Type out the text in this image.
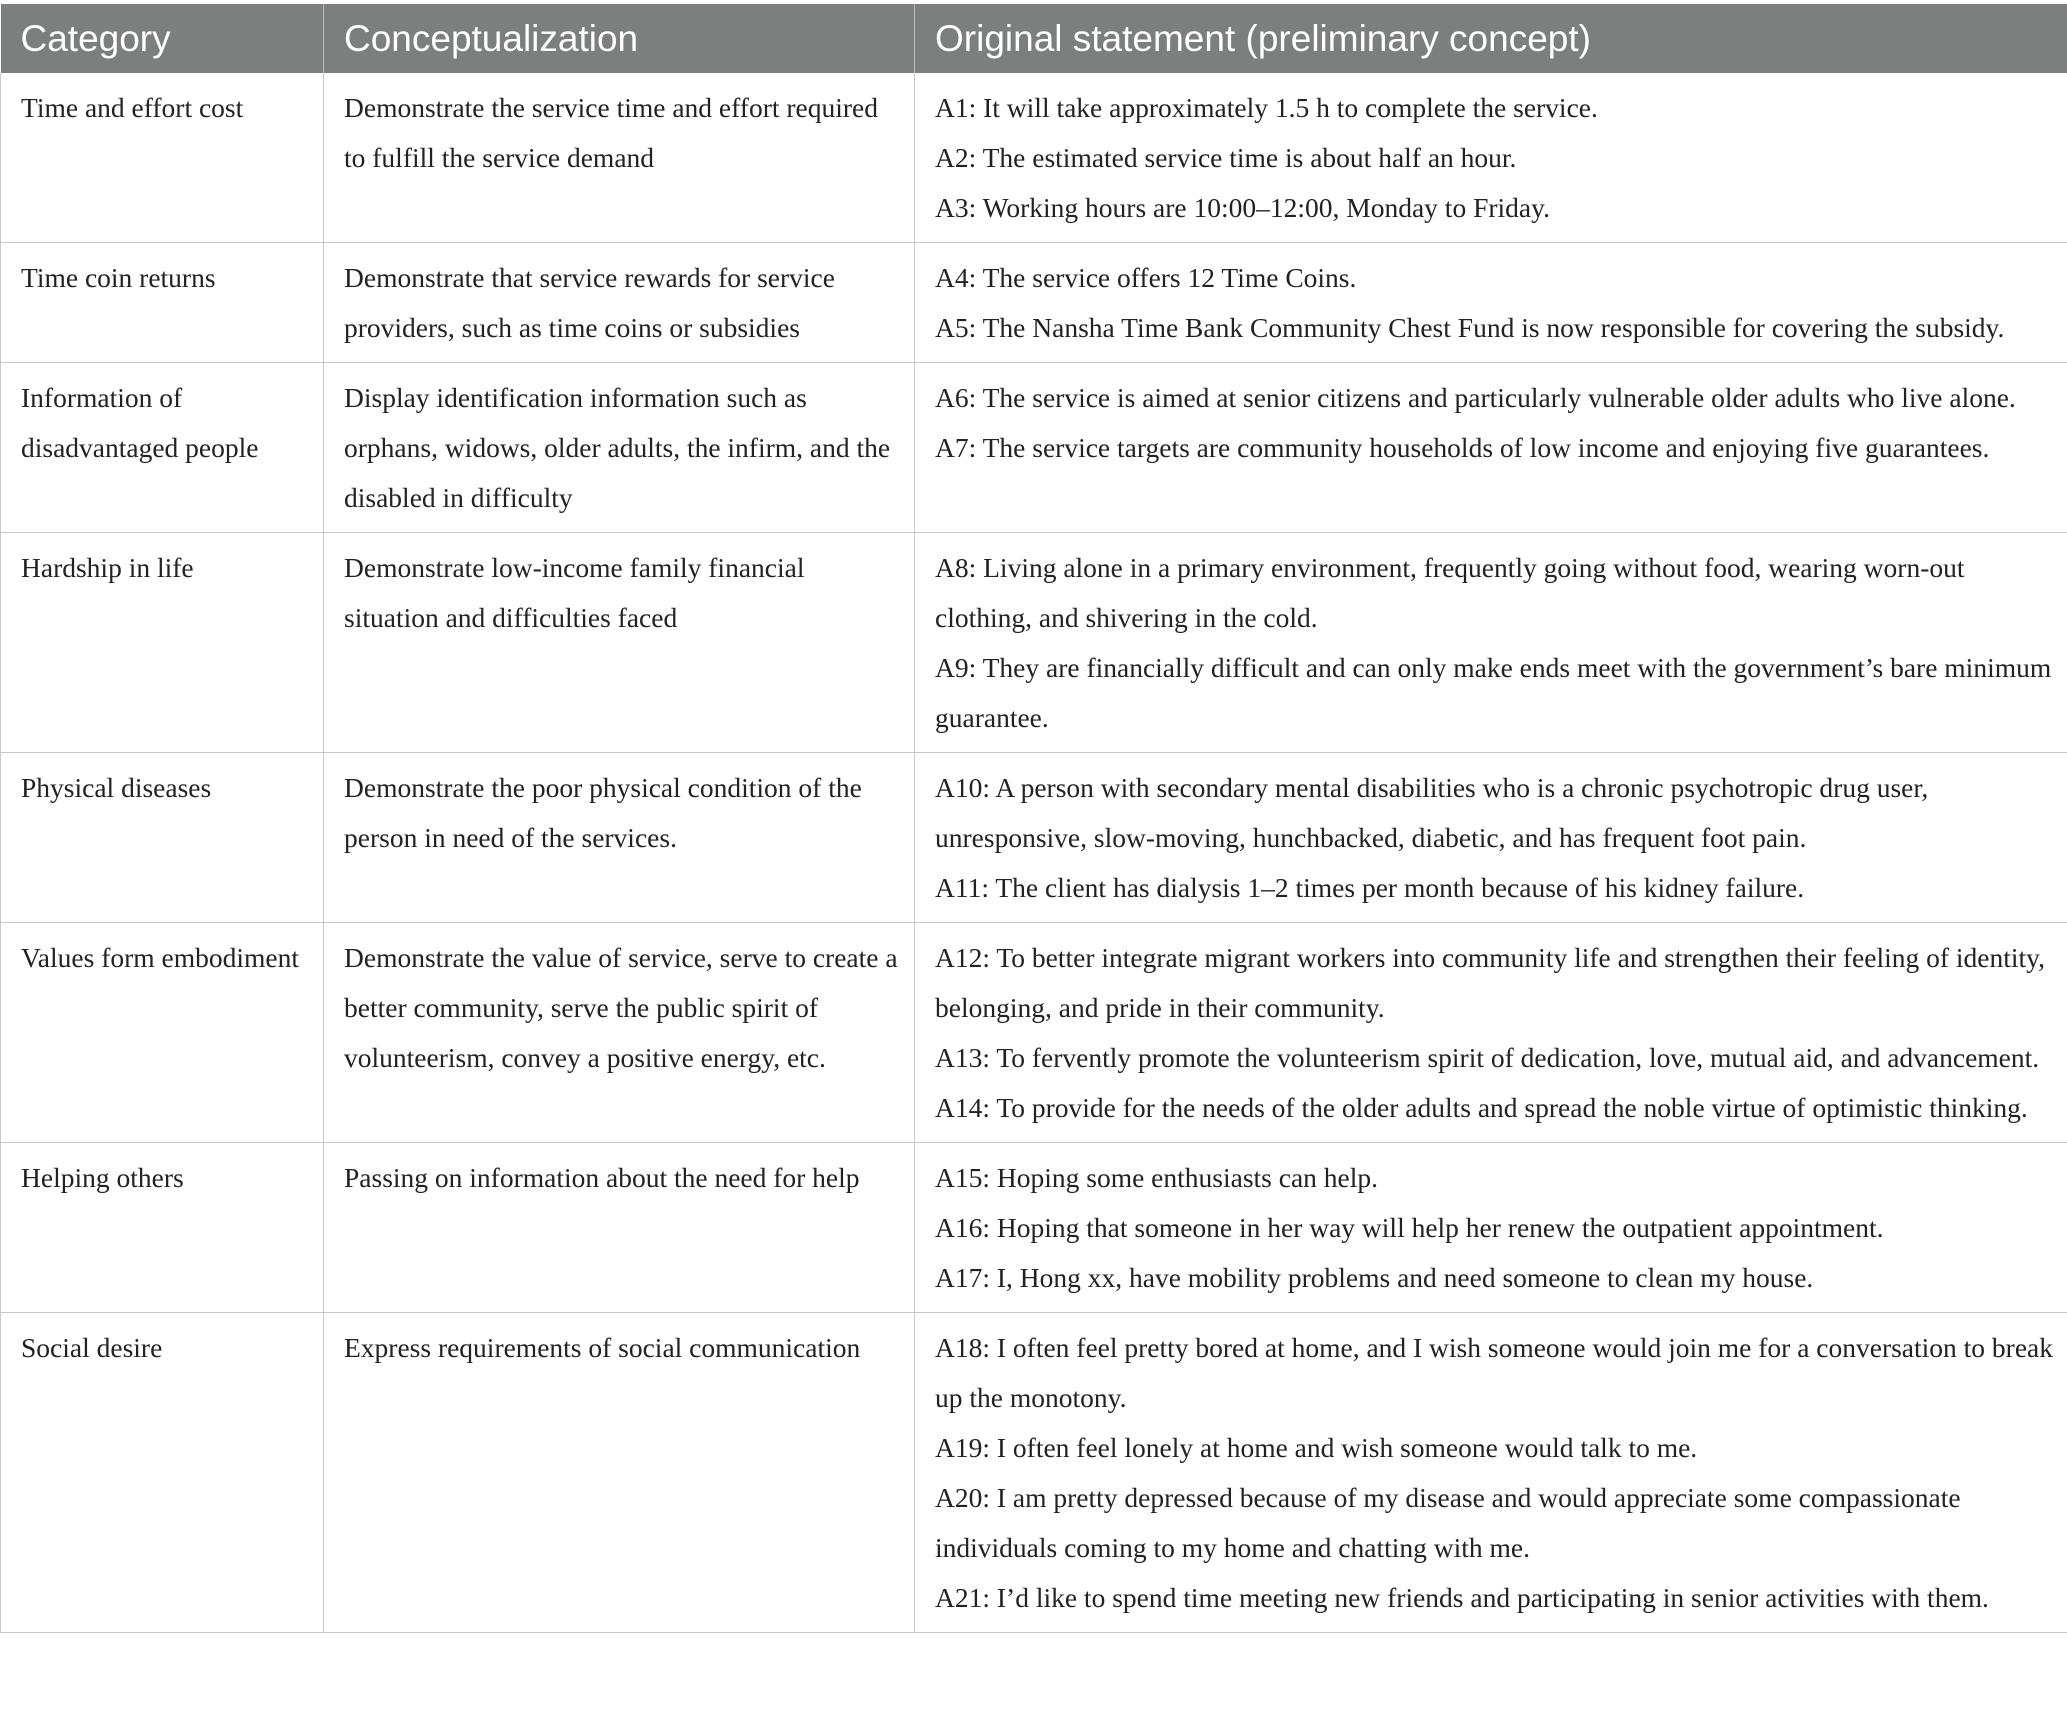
Category	Conceptualization	Original statement (preliminary concept)
Time and effort cost	Demonstrate the service time and effort required to fulfill the service demand	A1: It will take approximately 1.5 h to complete the service.
A2: The estimated service time is about half an hour.
A3: Working hours are 10:00–12:00, Monday to Friday.

Time coin returns	Demonstrate that service rewards for service providers, such as time coins or subsidies	A4: The service offers 12 Time Coins.
A5: The Nansha Time Bank Community Chest Fund is now responsible for covering the subsidy.

Information of disadvantaged people	Display identification information such as orphans, widows, older adults, the infirm, and the disabled in difficulty	A6: The service is aimed at senior citizens and particularly vulnerable older adults who live alone.
A7: The service targets are community households of low income and enjoying five guarantees.

Hardship in life	Demonstrate low-income family financial situation and difficulties faced	A8: Living alone in a primary environment, frequently going without food, wearing worn-out clothing, and shivering in the cold.
A9: They are financially difficult and can only make ends meet with the government’s bare minimum guarantee.

Physical diseases	Demonstrate the poor physical condition of the person in need of the services.	A10: A person with secondary mental disabilities who is a chronic psychotropic drug user, unresponsive, slow-moving, hunchbacked, diabetic, and has frequent foot pain.
A11: The client has dialysis 1–2 times per month because of his kidney failure.

Values form embodiment	Demonstrate the value of service, serve to create a better community, serve the public spirit of volunteerism, convey a positive energy, etc.	A12: To better integrate migrant workers into community life and strengthen their feeling of identity, belonging, and pride in their community.
A13: To fervently promote the volunteerism spirit of dedication, love, mutual aid, and advancement.
A14: To provide for the needs of the older adults and spread the noble virtue of optimistic thinking.

Helping others	Passing on information about the need for help	A15: Hoping some enthusiasts can help.
A16: Hoping that someone in her way will help her renew the outpatient appointment.
A17: I, Hong xx, have mobility problems and need someone to clean my house.

Social desire	Express requirements of social communication	A18: I often feel pretty bored at home, and I wish someone would join me for a conversation to break up the monotony.
A19: I often feel lonely at home and wish someone would talk to me.
A20: I am pretty depressed because of my disease and would appreciate some compassionate individuals coming to my home and chatting with me.
A21: I’d like to spend time meeting new friends and participating in senior activities with them.
